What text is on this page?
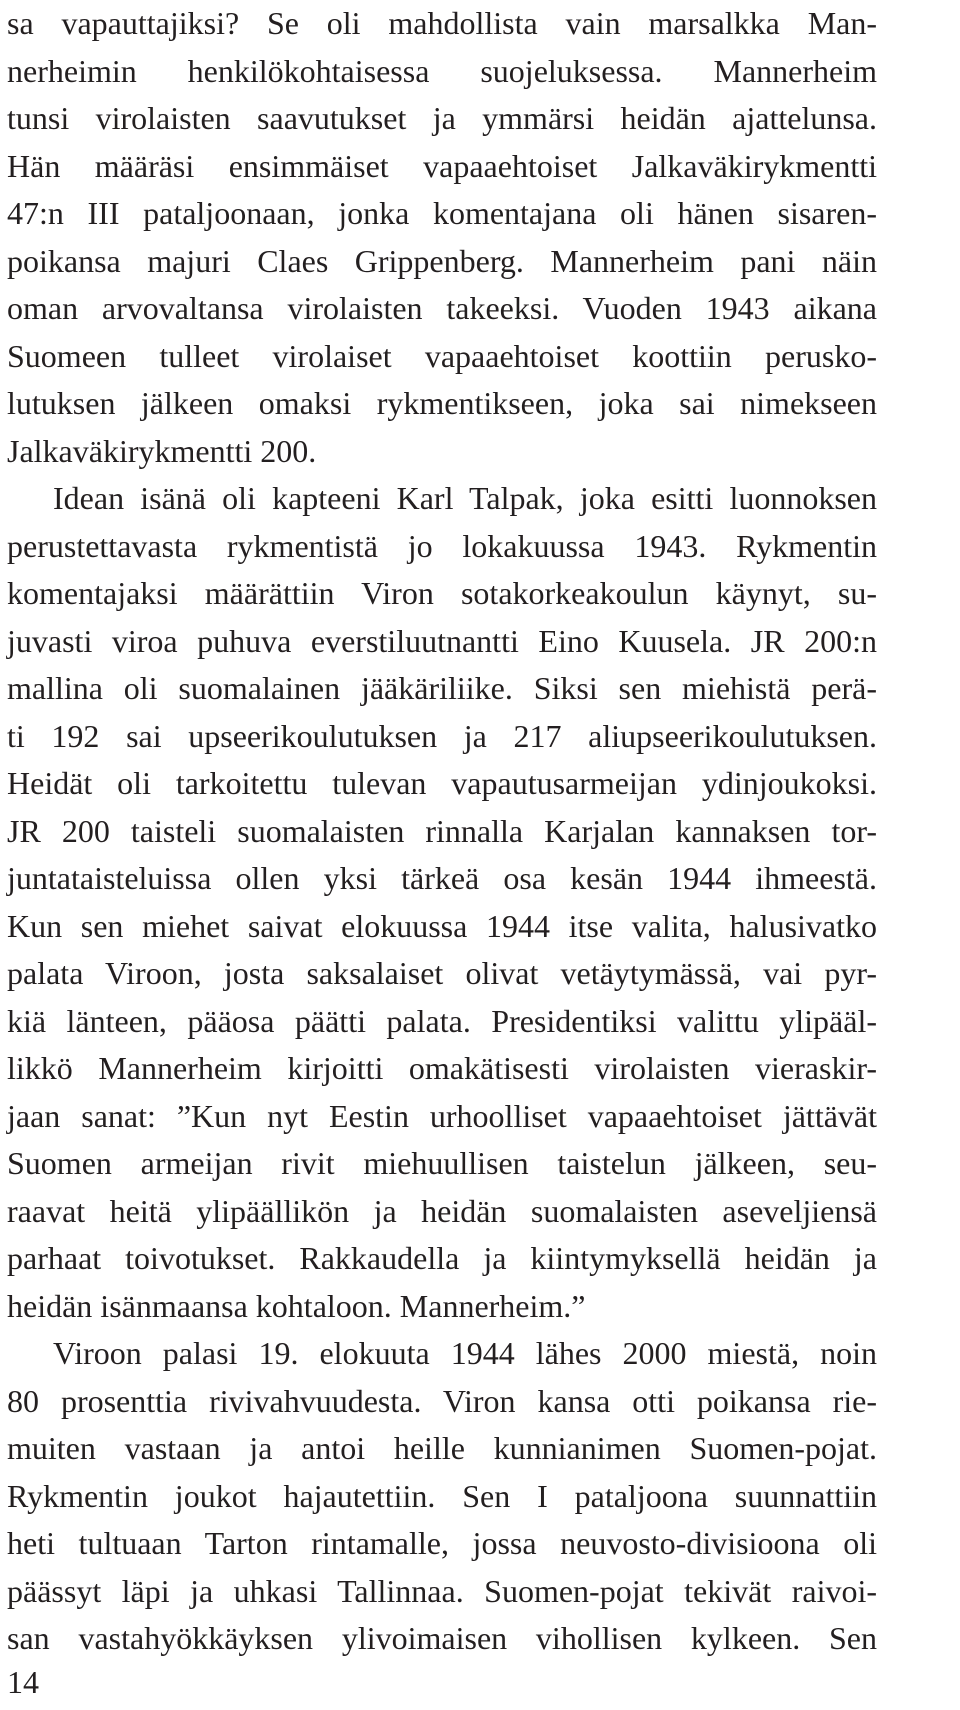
sa vapauttajiksi? Se oli mahdollista vain marsalkka Man-
nerheimin henkilökohtaisessa suojeluksessa. Mannerheim
tunsi virolaisten saavutukset ja ymmärsi heidän ajattelunsa.
Hän määräsi ensimmäiset vapaaehtoiset Jalkaväkirykmentti
47:n III pataljoonaan, jonka komentajana oli hänen sisaren-
poikansa majuri Claes Grippenberg. Mannerheim pani näin
oman arvovaltansa virolaisten takeeksi. Vuoden 1943 aikana
Suomeen tulleet virolaiset vapaaehtoiset koottiin perusko-
lutuksen jälkeen omaksi rykmentikseen, joka sai nimekseen
Jalkaväkirykmentti 200.
Idean isänä oli kapteeni Karl Talpak, joka esitti luonnoksen
perustettavasta rykmentistä jo lokakuussa 1943. Rykmentin
komentajaksi määrättiin Viron sotakorkeakoulun käynyt, su-
juvasti viroa puhuva everstiluutnantti Eino Kuusela. JR 200:n
mallina oli suomalainen jääkäriliike. Siksi sen miehistä perä-
ti 192 sai upseerikoulutuksen ja 217 aliupseerikoulutuksen.
Heidät oli tarkoitettu tulevan vapautusarmeijan ydinjoukoksi.
JR 200 taisteli suomalaisten rinnalla Karjalan kannaksen tor-
juntataisteluissa ollen yksi tärkeä osa kesän 1944 ihmeestä.
Kun sen miehet saivat elokuussa 1944 itse valita, halusivatko
palata Viroon, josta saksalaiset olivat vetäytymässä, vai pyr-
kiä länteen, pääosa päätti palata. Presidentiksi valittu ylipääl-
likkö Mannerheim kirjoitti omakätisesti virolaisten vieraskir-
jaan sanat: ”Kun nyt Eestin urhoolliset vapaaehtoiset jättävät
Suomen armeijan rivit miehuullisen taistelun jälkeen, seu-
raavat heitä ylipäällikön ja heidän suomalaisten aseveljiensä
parhaat toivotukset. Rakkaudella ja kiintymyksellä heidän ja
heidän isänmaansa kohtaloon. Mannerheim.”
Viroon palasi 19. elokuuta 1944 lähes 2000 miestä, noin
80 prosenttia rivivahvuudesta. Viron kansa otti poikansa rie-
muiten vastaan ja antoi heille kunnianimen Suomen-pojat.
Rykmentin joukot hajautettiin. Sen I pataljoona suunnattiin
heti tultuaan Tarton rintamalle, jossa neuvosto-divisioona oli
päässyt läpi ja uhkasi Tallinnaa. Suomen-pojat tekivät raivoi-
san vastahyökkäyksen ylivoimaisen vihollisen kylkeen. Sen
14
